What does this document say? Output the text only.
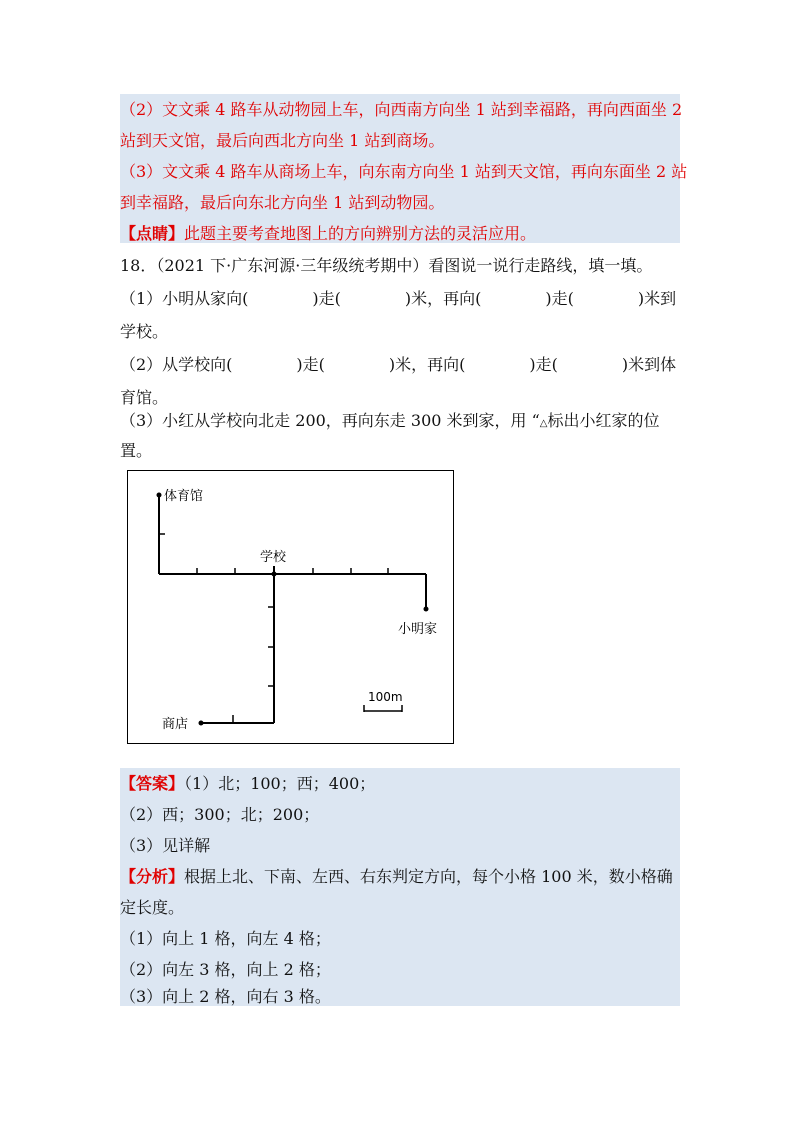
（2）文文乘 4 路车从动物园上车，向西南方向坐 1 站到幸福路，再向西面坐 2
站到天文馆，最后向西北方向坐 1 站到商场。
（3）文文乘 4 路车从商场上车，向东南方向坐 1 站到天文馆，再向东面坐 2 站
到幸福路，最后向东北方向坐 1 站到动物园。
【点睛】此题主要考查地图上的方向辨别方法的灵活应用。
18．（2021 下·广东河源·三年级统考期中）看图说一说行走路线，填一填。
（1）小明从家向(　　　　)走(　　　　)米，再向(　　　　)走(　　　　)米到
学校。
（2）从学校向(　　　　)走(　　　　)米，再向(　　　　)走(　　　　)米到体
育馆。
（3）小红从学校向北走 200，再向东走 300 米到家，用 “△标出小红家的位
置。
体育馆
学校
小明家
商店
100m
【答案】（1）北；100；西；400；
（2）西；300；北；200；
（3）见详解
【分析】根据上北、下南、左西、右东判定方向，每个小格 100 米，数小格确
定长度。
（1）向上 1 格，向左 4 格；
（2）向左 3 格，向上 2 格；
（3）向上 2 格，向右 3 格。
